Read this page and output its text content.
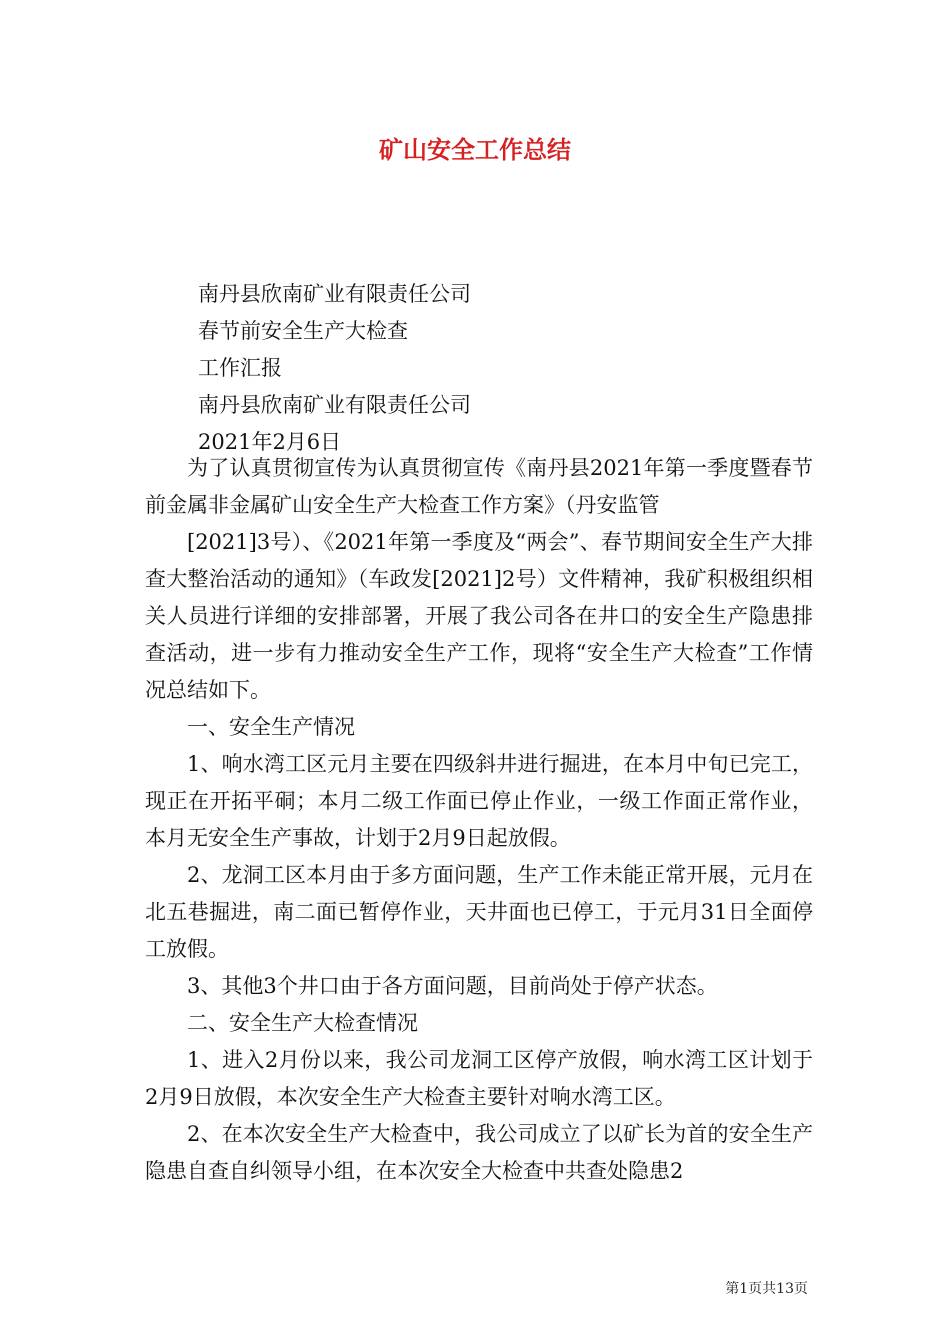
矿山安全工作总结
南丹县欣南矿业有限责任公司
春节前安全生产大检查
工作汇报
南丹县欣南矿业有限责任公司
2021年2月6日

为了认真贯彻宣传为认真贯彻宣传《南丹县2021年第一季度暨春节前金属非金属矿山安全生产大检查工作方案》（丹安监管

[2021]3号）、《2021年第一季度及“两会”、春节期间安全生产大排查大整治活动的通知》（车政发[2021]2号）文件精神，我矿积极组织相关人员进行详细的安排部署，开展了我公司各在井口的安全生产隐患排查活动，进一步有力推动安全生产工作，现将“安全生产大检查”工作情况总结如下。

一、安全生产情况

1、响水湾工区元月主要在四级斜井进行掘进，在本月中旬已完工，现正在开拓平硐；本月二级工作面已停止作业，一级工作面正常作业，本月无安全生产事故，计划于2月9日起放假。

2、龙洞工区本月由于多方面问题，生产工作未能正常开展，元月在北五巷掘进，南二面已暂停作业，天井面也已停工，于元月31日全面停工放假。

3、其他3个井口由于各方面问题，目前尚处于停产状态。

二、安全生产大检查情况

1、进入2月份以来，我公司龙洞工区停产放假，响水湾工区计划于2月9日放假，本次安全生产大检查主要针对响水湾工区。

2、在本次安全生产大检查中，我公司成立了以矿长为首的安全生产隐患自查自纠领导小组，在本次安全大检查中共查处隐患2

第1页共13页
